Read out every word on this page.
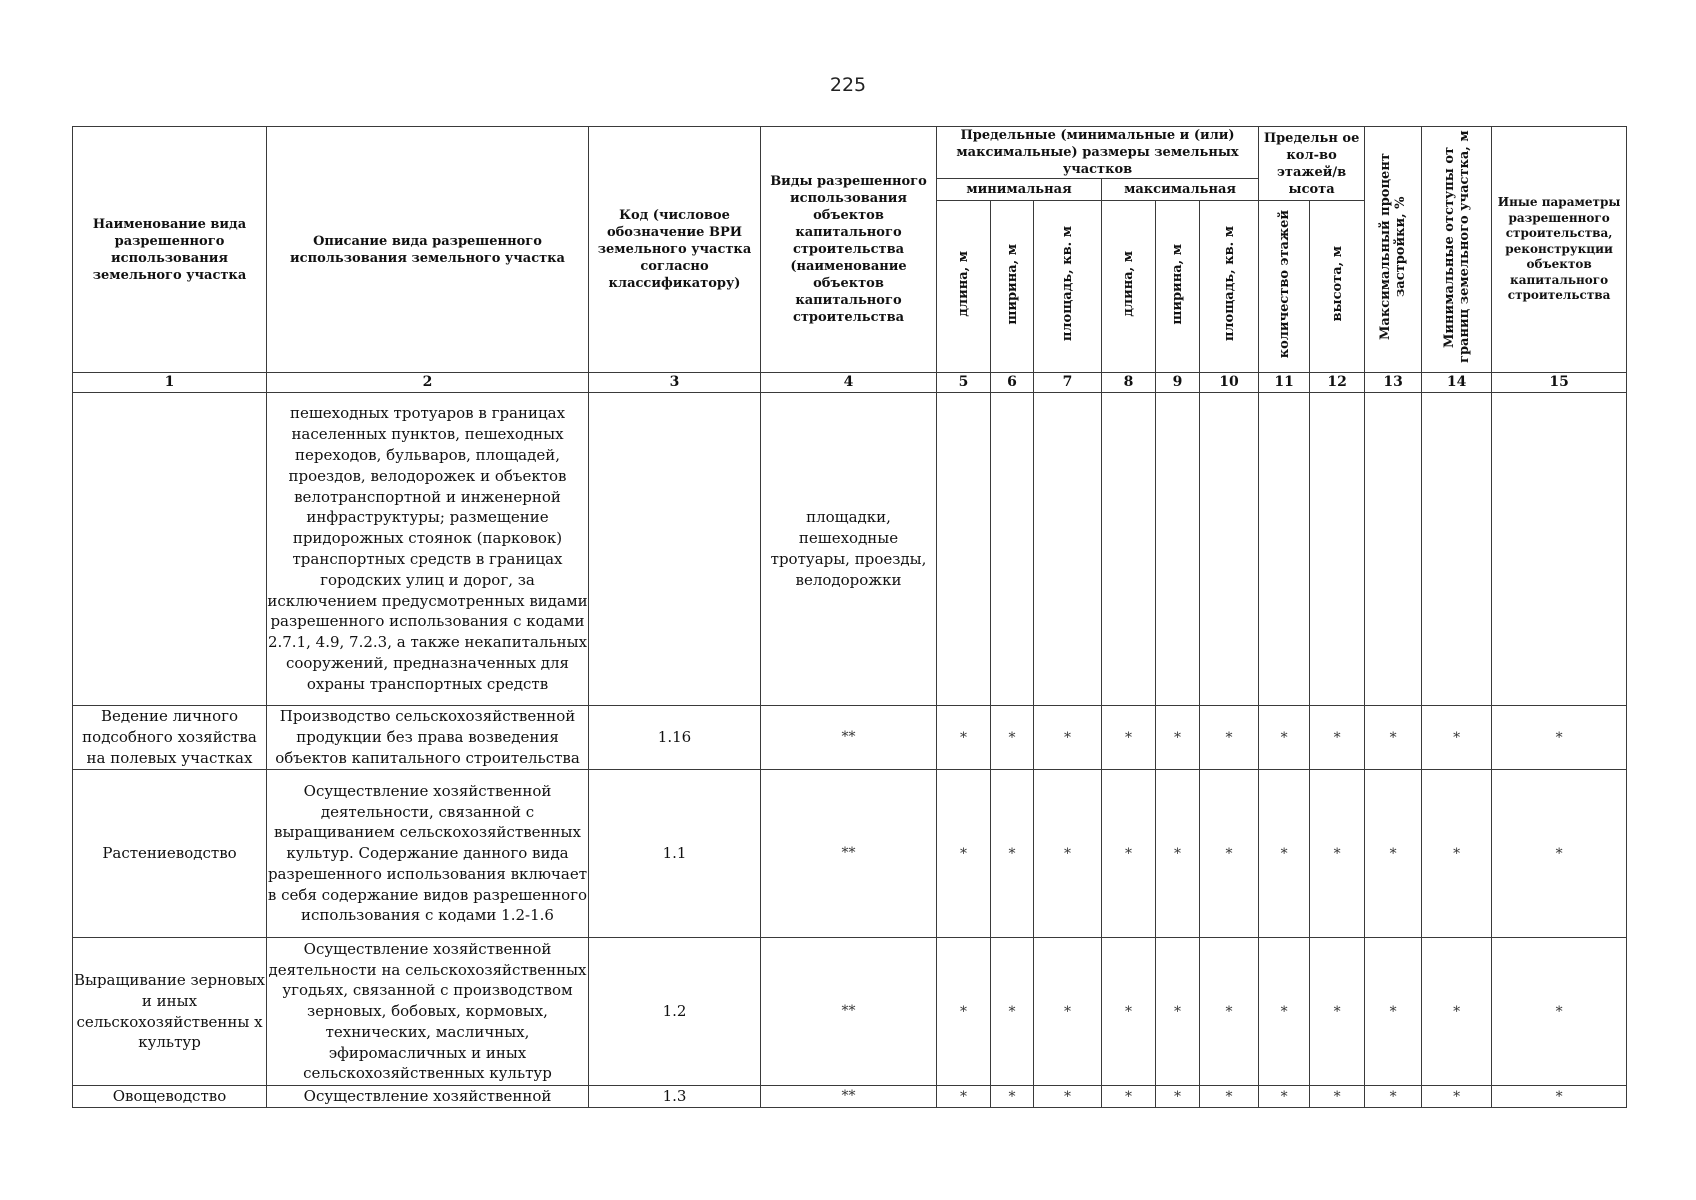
225
Наименование вида разрешенного использования земельного участка	Описание вида разрешенного использования земельного участка	Код (числовое обозначение ВРИ земельного участка согласно классификатору)	Виды разрешенного использования объектов капитального строительства (наименование объектов капитального строительства	Предельные (минимальные и (или) максимальные) размеры земельных участков						Предельн ое кол-во этажей/в ысота		Максимальный процент застройки, %	Минимальные отступы от границ земельного участка, м	Иные параметры разрешенного строительства, реконструкции объектов капитального строительства
				минимальная			максимальная							
				длина, м	ширина, м	площадь, кв. м	длина, м	ширина, м	площадь, кв. м	количество этажей	высота, м			
1	2	3	4	5	6	7	8	9	10	11	12	13	14	15
	пешеходных тротуаров в границах населенных пунктов, пешеходных переходов, бульваров, площадей, проездов, велодорожек и объектов велотранспортной и инженерной инфраструктуры; размещение придорожных стоянок (парковок) транспортных средств в границах городских улиц и дорог, за исключением предусмотренных видами разрешенного использования с кодами 2.7.1, 4.9, 7.2.3, а также некапитальных сооружений, предназначенных для охраны транспортных средств		площадки, пешеходные тротуары, проезды, велодорожки											
Ведение личного подсобного хозяйства на полевых участках	Производство сельскохозяйственной продукции без права возведения объектов капитального строительства	1.16	**	*	*	*	*	*	*	*	*	*	*	*
Растениеводство	Осуществление хозяйственной деятельности, связанной с выращиванием сельскохозяйственных культур. Содержание данного вида разрешенного использования включает в себя содержание видов разрешенного использования с кодами 1.2-1.6	1.1	**	*	*	*	*	*	*	*	*	*	*	*
Выращивание зерновых и иных сельскохозяйственны х культур	Осуществление хозяйственной деятельности на сельскохозяйственных угодьях, связанной с производством зерновых, бобовых, кормовых, технических, масличных, эфиромасличных и иных сельскохозяйственных культур	1.2	**	*	*	*	*	*	*	*	*	*	*	*
Овощеводство	Осуществление хозяйственной	1.3	**	*	*	*	*	*	*	*	*	*	*	*
